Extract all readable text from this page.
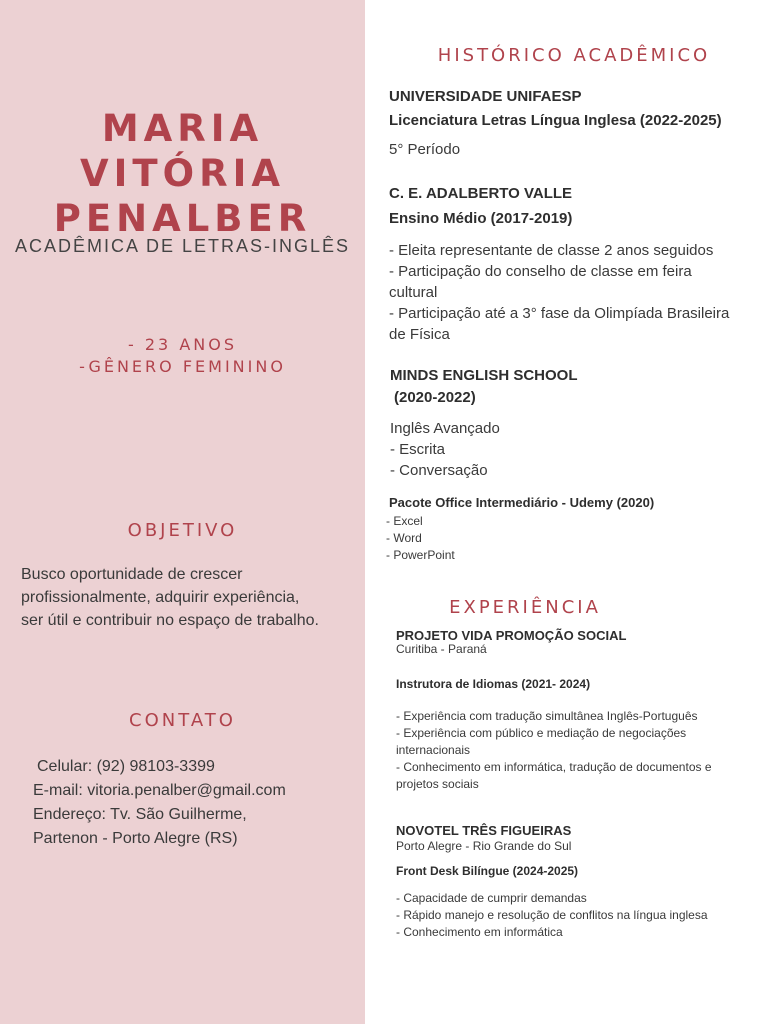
MARIA
VITÓRIA
PENALBER
ACADÊMICA DE LETRAS-INGLÊS
- 23 ANOS
-GÊNERO FEMININO
OBJETIVO
Busco oportunidade de crescer
profissionalmente, adquirir experiência,
ser útil e contribuir no espaço de trabalho.
CONTATO
Celular: (92) 98103-3399
E-mail: vitoria.penalber@gmail.com
Endereço: Tv. São Guilherme,
Partenon - Porto Alegre (RS)
HISTÓRICO ACADÊMICO
UNIVERSIDADE UNIFAESP
Licenciatura Letras Língua Inglesa (2022-2025)
5° Período
C. E. ADALBERTO VALLE
Ensino Médio (2017-2019)
- Eleita representante de classe 2 anos seguidos
- Participação do conselho de classe em feira
cultural
- Participação até a 3° fase da Olimpíada Brasileira
de Física
MINDS ENGLISH SCHOOL
(2020-2022)
Inglês Avançado
- Escrita
- Conversação
Pacote Office Intermediário - Udemy (2020)
- Excel
- Word
- PowerPoint
EXPERIÊNCIA
PROJETO VIDA PROMOÇÃO SOCIAL
Curitiba - Paraná
Instrutora de Idiomas (2021- 2024)
- Experiência com tradução simultânea Inglês-Português
- Experiência com público e mediação de negociações
internacionais
- Conhecimento em informática, tradução de documentos e
projetos sociais
NOVOTEL TRÊS FIGUEIRAS
Porto Alegre - Rio Grande do Sul
Front Desk Bilíngue (2024-2025)
- Capacidade de cumprir demandas
- Rápido manejo e resolução de conflitos na língua inglesa
- Conhecimento em informática
